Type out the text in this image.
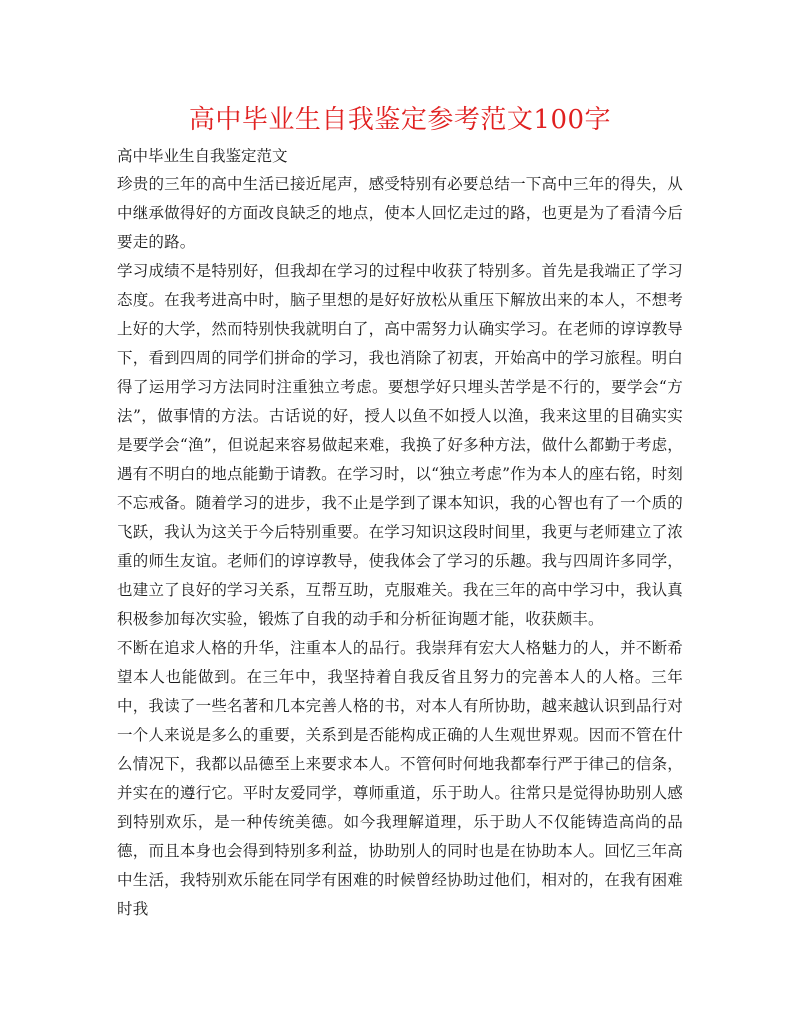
高中毕业生自我鉴定参考范文100字

高中毕业生自我鉴定范文

珍贵的三年的高中生活已接近尾声，感受特别有必要总结一下高中三年的得失，从中继承做得好的方面改良缺乏的地点，使本人回忆走过的路，也更是为了看清今后要走的路。

学习成绩不是特别好，但我却在学习的过程中收获了特别多。首先是我端正了学习态度。在我考进高中时，脑子里想的是好好放松从重压下解放出来的本人，不想考上好的大学，然而特别快我就明白了，高中需努力认确实学习。在老师的谆谆教导下，看到四周的同学们拼命的学习，我也消除了初衷，开始高中的学习旅程。明白得了运用学习方法同时注重独立考虑。要想学好只埋头苦学是不行的，要学会“方法”，做事情的方法。古话说的好，授人以鱼不如授人以渔，我来这里的目确实实是要学会“渔”，但说起来容易做起来难，我换了好多种方法，做什么都勤于考虑，遇有不明白的地点能勤于请教。在学习时，以“独立考虑”作为本人的座右铭，时刻不忘戒备。随着学习的进步，我不止是学到了课本知识，我的心智也有了一个质的飞跃，我认为这关于今后特别重要。在学习知识这段时间里，我更与老师建立了浓重的师生友谊。老师们的谆谆教导，使我体会了学习的乐趣。我与四周许多同学，也建立了良好的学习关系，互帮互助，克服难关。我在三年的高中学习中，我认真积极参加每次实验，锻炼了自我的动手和分析征询题才能，收获颇丰。

不断在追求人格的升华，注重本人的品行。我崇拜有宏大人格魅力的人，并不断希望本人也能做到。在三年中，我坚持着自我反省且努力的完善本人的人格。三年中，我读了一些名著和几本完善人格的书，对本人有所协助，越来越认识到品行对一个人来说是多么的重要，关系到是否能构成正确的人生观世界观。因而不管在什么情况下，我都以品德至上来要求本人。不管何时何地我都奉行严于律己的信条，并实在的遵行它。平时友爱同学，尊师重道，乐于助人。往常只是觉得协助别人感到特别欢乐，是一种传统美德。如今我理解道理，乐于助人不仅能铸造高尚的品德，而且本身也会得到特别多利益，协助别人的同时也是在协助本人。回忆三年高中生活，我特别欢乐能在同学有困难的时候曾经协助过他们，相对的，在我有困难时我
